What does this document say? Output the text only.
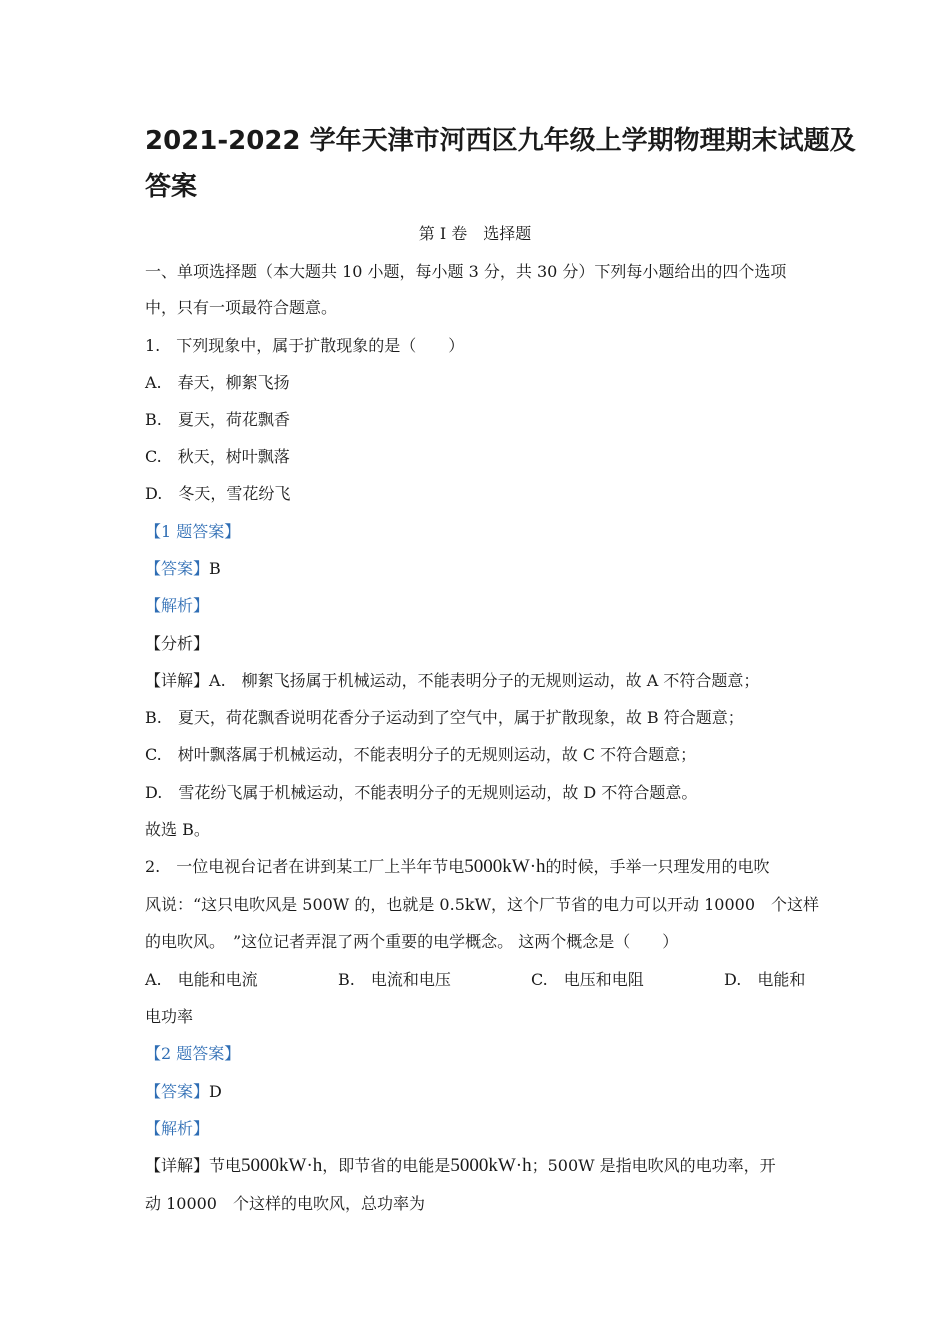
2021-2022 学年天津市河西区九年级上学期物理期末试题及
答案
第 I 卷　选择题
一、单项选择题（本大题共 10 小题，每小题 3 分，共 30 分）下列每小题给出的四个选项
中，只有一项最符合题意。
1.　下列现象中，属于扩散现象的是（　　）
A.　春天，柳絮飞扬
B.　夏天，荷花飘香
C.　秋天，树叶飘落
D.　冬天，雪花纷飞
【1 题答案】
【答案】B
【解析】
【分析】
【详解】A.　柳絮飞扬属于机械运动，不能表明分子的无规则运动，故 A 不符合题意；
B.　夏天，荷花飘香说明花香分子运动到了空气中，属于扩散现象，故 B 符合题意；
C.　树叶飘落属于机械运动，不能表明分子的无规则运动，故 C 不符合题意；
D.　雪花纷飞属于机械运动，不能表明分子的无规则运动，故 D 不符合题意。
故选 B。
2.　一位电视台记者在讲到某工厂上半年节电5000kW·h的时候，手举一只理发用的电吹
风说：“这只电吹风是 500W 的，也就是 0.5kW，这个厂节省的电力可以开动 10000　个这样
的电吹风。　”这位记者弄混了两个重要的电学概念。 这两个概念是（　　）
A.　电能和电流	B.　电流和电压	C.　电压和电阻	D.　电能和
电功率
【2 题答案】
【答案】D
【解析】
【详解】节电5000kW·h，即节省的电能是5000kW·h；500W 是指电吹风的电功率，开
动 10000　个这样的电吹风，总功率为
